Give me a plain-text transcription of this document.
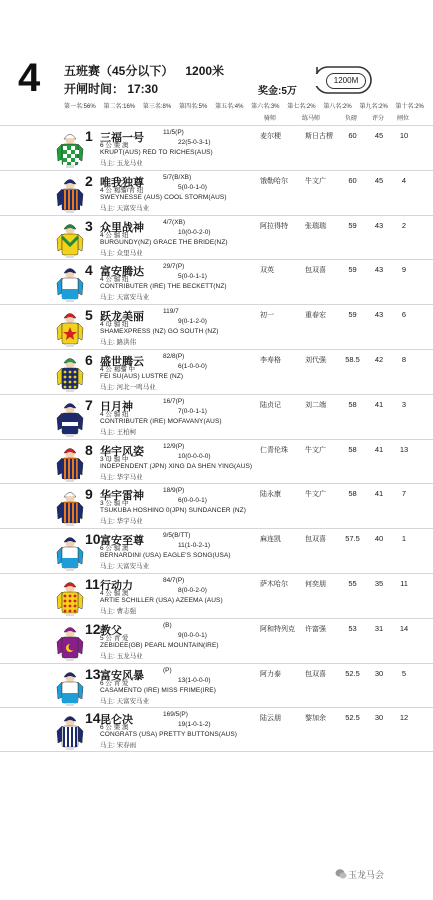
4 五班赛（45分以下） 1200米
开闸时间： 17:30	奖金:5万
1200M
第一名:56% 第二名:16% 第三名:8% 第四名:5% 第五名:4% 第六名:3% 第七名:2% 第八名:2% 第九名:2% 第十名:2%
骑师	练马师	负磅 评分 闸位
1 三福一号	11/5(P)
6 公 栗 澳	22(5-0-3-1)
KRUPT(AUS) RED TO RICHES(AUS)
马主: 玉龙马业
麦尔梗	斯日古楞	60	45	10
2 唯我独尊	5/7(B/XB)
4 公 褐骝/青 纽	5(0-0-1-0)
SWEYNESSE (AUS) COOL STORM(AUS)
马主: 天富安马业
饿勒哈尔 牛文广	60	45	4
3 众里战神	4/7(XB)
4 公 骝 纽	10(0-0-2-0)
BURGUNDY(NZ) GRACE THE BRIDE(NZ)
马主: 众里马业
阿拉得特 张瑞瑞	59	43	2
4 富安腾达	29/7(P)
4 公 骝 纽	5(0-0-1-1)
CONTRIBUTER (IRE) THE BECKETT(NZ)
马主: 天富安马业
双英	包双喜	59	43	9
5 跃龙美丽	119/7
4 母 骝 纽	9(0-1-2-0)
SHAMEXPRESS (NZ) GO SOUTH (NZ)
马主: 路洪伟
初一	重春宏	59	43	6
6 盛世腾云	82/8(P)
4 公 褐骝 中	6(1-0-0-0)
FEI SU(AUS) LUSTRE (NZ)
马主: 河北一鸣马业
李寿格	刘代强	58.5	42	8
7 日月神	16/7(P)
4 公 骝 纽	7(0-0-1-1)
CONTRIBUTER (IRE) MOFAVANY(AUS)
马主: 王柏柯
陆贞记	刘二端	58	41	3
8 华宇风姿	12/9(P)
3 母 骝 中	10(0-0-0-0)
INDEPENDENT (JPN) XING DA SHEN YING(AUS)
马主: 华宇马业
仁青伦珠 牛文广	58	41	13
9 华宇雷神	18/9(P)
3 公 骝 中	6(0-0-0-1)
TSUKUBA HOSHINO 0(JPN) SUNDANCER (NZ)
马主: 华宇马业
陆永康	牛文广	58	41	7
10 富安至尊	9/5(B/TT)
6 公 骝 澳	11(1-0-2-1)
BERNARDINI (USA) EAGLE'S SONG(USA)
马主: 天富安马业
麻连凯	包双喜	57.5	40	1
11 行动力	84/7(P)
4 公 骝 澳	8(0-0-2-0)
ARTIE SCHILLER (USA) AZEEMA (AUS)
马主: 曹志强
萨木哈尔 何奕朋	55	35	11
12 教父	(B)
5 公 青 爱	9(0-0-0-1)
ZEBIDEE(GB) PEARL MOUNTAIN(IRE)
马主: 玉龙马业
阿和特列克 许富强	53	31	14
13 富安风暴	(P)
6 公 青 爱	13(1-0-0-0)
CASAMENTO (IRE) MISS FRIME(IRE)
马主: 天富安马业
阿力泰	包双喜	52.5	30	5
14 昆仑决	169/5(P)
6 公 栗 澳	19(1-0-1-2)
CONGRATS (USA) PRETTY BUTTONS(AUS)
马主: 宋春雨
陆云朋	黎加余	52.5	30	12
玉龙马会
